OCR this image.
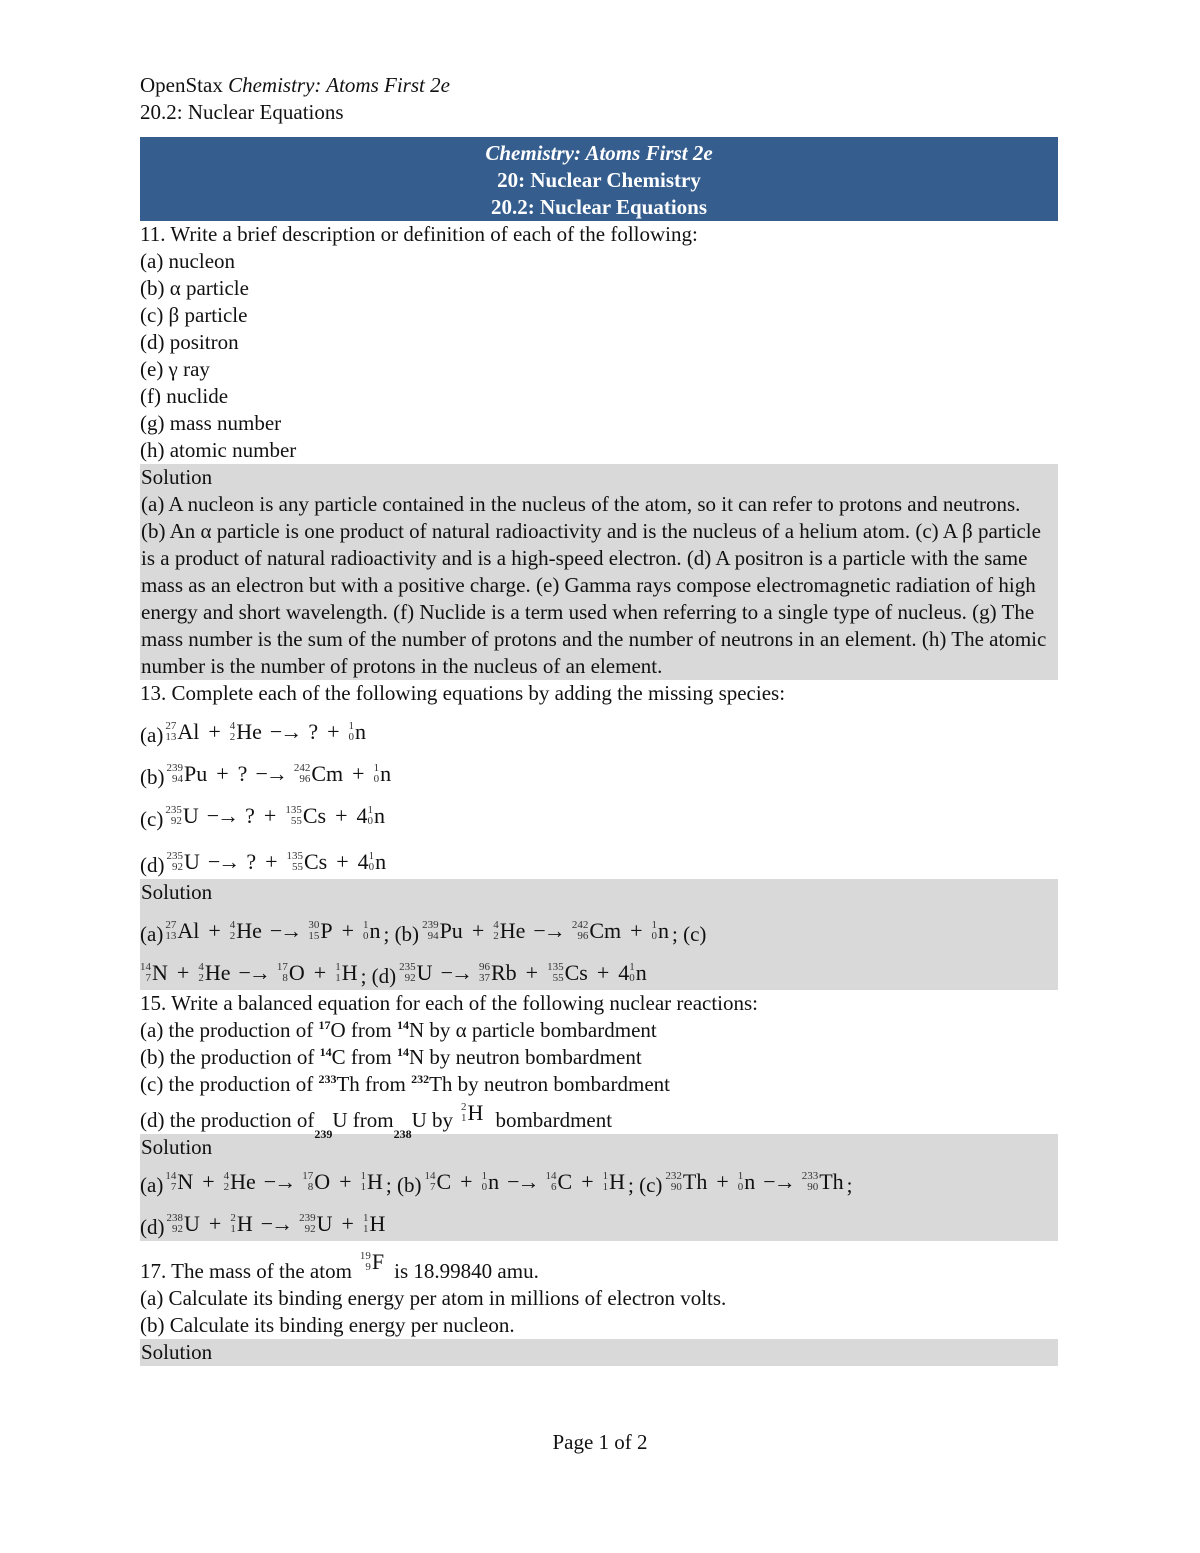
OpenStax Chemistry: Atoms First 2e
20.2: Nuclear Equations
Chemistry: Atoms First 2e
20: Nuclear Chemistry
20.2: Nuclear Equations
11. Write a brief description or definition of each of the following:
(a) nucleon
(b) α particle
(c) β particle
(d) positron
(e) γ ray
(f) nuclide
(g) mass number
(h) atomic number
Solution
(a) A nucleon is any particle contained in the nucleus of the atom, so it can refer to protons and neutrons. (b) An α particle is one product of natural radioactivity and is the nucleus of a helium atom. (c) A β particle is a product of natural radioactivity and is a high-speed electron. (d) A positron is a particle with the same mass as an electron but with a positive charge. (e) Gamma rays compose electromagnetic radiation of high energy and short wavelength. (f) Nuclide is a term used when referring to a single type of nucleus. (g) The mass number is the sum of the number of protons and the number of neutrons in an element. (h) The atomic number is the number of protons in the nucleus of an element.
13. Complete each of the following equations by adding the missing species:
(a) 27
13 Al + 4
2 He −→ ? + 1
0 n
(b) 239
94 Pu + ? −→ 242
96 Cm + 1
0 n
(c) 235
92 U −→ ? + 135
55 Cs + 4 1
0 n
(d) 235
92 U −→ ? + 135
55 Cs + 4 1
0 n
Solution
(a) 27
13 Al + 4
2 He −→ 30
15 P + 1
0 n ; (b) 239
94 Pu + 4
2 He −→ 242
96 Cm + 1
0 n ; (c)
14
7 N + 4
2 He −→ 17
8 O + 1
1 H ; (d) 235
92 U −→ 96
37 Rb + 135
55 Cs + 4 1
0 n
15. Write a balanced equation for each of the following nuclear reactions:
(a) the production of $^{17}$O from $^{14}$N by α particle bombardment
(b) the production of $^{14}$C from $^{14}$N by neutron bombardment
(c) the production of $^{233}$Th from $^{232}$Th by neutron bombardment
(d) the production of U from U by
2
1 H bombardment
Solution
(a) 14
7 N + 4
2 He −→ 17
8 O + 1
1 H ; (b) 14
7 C + 1
0 n −→ 14
6 C + 1
1 H ; (c) 232
90 Th + 1
0 n −→ 233
90 Th ;
(d) 238
92 U + 2
1 H −→ 239
92 U + 1
1 H
17. The mass of the atom
19
9 F is 18.99840 amu.
(a) Calculate its binding energy per atom in millions of electron volts.
(b) Calculate its binding energy per nucleon.
Solution
Page 1 of 2
